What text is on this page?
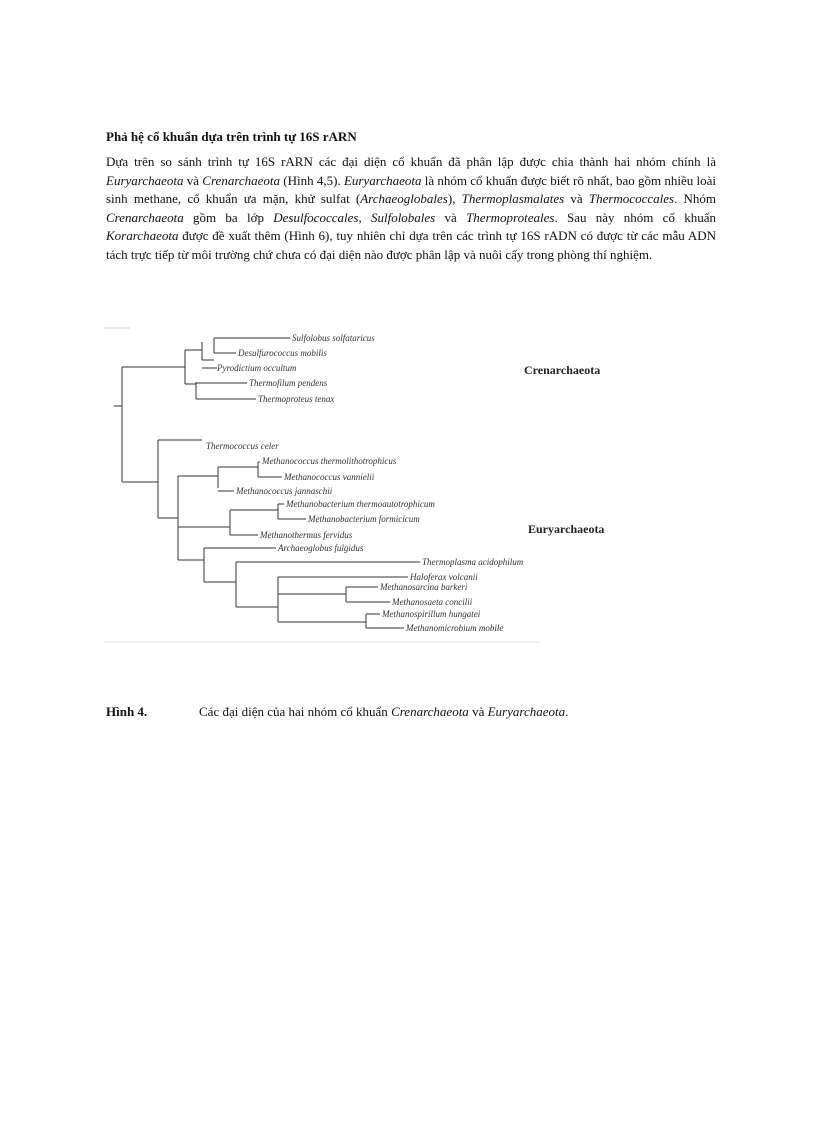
Phả hệ cổ khuẩn dựa trên trình tự 16S rARN

Dựa trên so sánh trình tự 16S rARN các đại diện cổ khuẩn đã phân lập được chia thành hai nhóm chính là Euryarchaeota và Crenarchaeota (Hình 4,5). Euryarchaeota là nhóm cổ khuẩn được biết rõ nhất, bao gồm nhiều loài sinh methane, cổ khuẩn ưa mặn, khử sulfat (Archaeoglobales), Thermoplasmalates và Thermococcales. Nhóm Crenarchaeota gồm ba lớp Desulfococcales, Sulfolobales và Thermoproteales. Sau này nhóm cổ khuẩn Korarchaeota được đề xuất thêm (Hình 6), tuy nhiên chỉ dựa trên các trình tự 16S rADN có được từ các mẫu ADN tách trực tiếp từ môi trường chứ chưa có đại diện nào được phân lập và nuôi cấy trong phòng thí nghiệm.

Sulfolobus solfataricus
Desulfurococcus mobilis
Pyrodictium occultum
Thermofilum pendens
Thermoproteus tenax
Thermococcus celer
Methanococcus thermolithotrophicus
Methanococcus vannielii
Methanococcus jannaschii
Methanobacterium thermoautotrophicum
Methanobacterium formicicum
Methanothermus fervidus
Archaeoglobus fulgidus
Thermoplasma acidophilum
Haloferax volcanii
Methanosarcina barkeri
Methanosaeta concilii
Methanospirillum hungatei
Methanomicrobium mobile
Crenarchaeota
Euryarchaeota
Hình 4.	Các đại diện của hai nhóm cổ khuẩn Crenarchaeota và Euryarchaeota.
